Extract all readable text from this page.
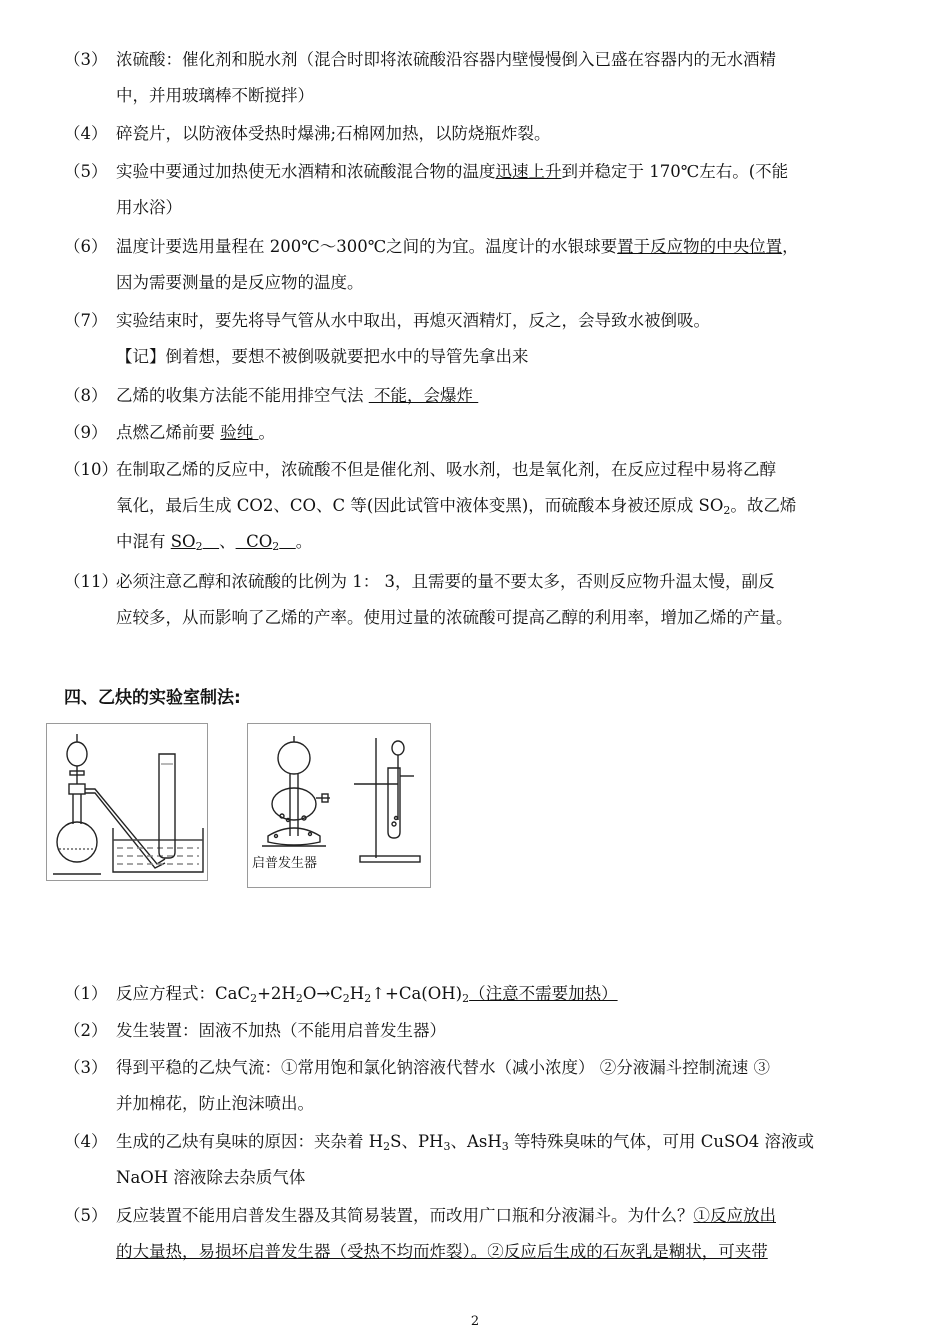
（3） 浓硫酸：催化剂和脱水剂（混合时即将浓硫酸沿容器内壁慢慢倒入已盛在容器内的无水酒精
中，并用玻璃棒不断搅拌）
（4） 碎瓷片，以防液体受热时爆沸;石棉网加热，以防烧瓶炸裂。
（5） 实验中要通过加热使无水酒精和浓硫酸混合物的温度迅速上升到并稳定于 170℃左右。(不能
用水浴）
（6） 温度计要选用量程在 200℃～300℃之间的为宜。温度计的水银球要置于反应物的中央位置，
因为需要测量的是反应物的温度。
（7） 实验结束时，要先将导气管从水中取出，再熄灭酒精灯，反之，会导致水被倒吸。
【记】倒着想，要想不被倒吸就要把水中的导管先拿出来
（8） 乙烯的收集方法能不能用排空气法  不能，会爆炸
（9） 点燃乙烯前要 验纯 。
（10）
在制取乙烯的反应中，浓硫酸不但是催化剂、吸水剂，也是氧化剂，在反应过程中易将乙醇
氧化，最后生成 CO2、CO、C 等(因此试管中液体变黑)，而硫酸本身被还原成 $SO_2$。故乙烯
中混有 $SO_2$  、  $CO_2$  。
（11）
必须注意乙醇和浓硫酸的比例为 1： 3，且需要的量不要太多，否则反应物升温太慢，副反
应较多，从而影响了乙烯的产率。使用过量的浓硫酸可提高乙醇的利用率，增加乙烯的产量。
四、乙炔的实验室制法:
启普发生器
（1） 反应方程式：$CaC_2+2H_2O\to C_2H_2↑+Ca(OH)_2$（注意不需要加热）
（2） 发生装置：固液不加热（不能用启普发生器）
（3） 得到平稳的乙炔气流：①常用饱和氯化钠溶液代替水（减小浓度） ②分液漏斗控制流速 ③
并加棉花，防止泡沫喷出。
（4） 生成的乙炔有臭味的原因：夹杂着 $H_2S$、$PH_3$、AsH$_3$ 等特殊臭味的气体，可用 CuSO4 溶液或
NaOH 溶液除去杂质气体
（5） 反应装置不能用启普发生器及其简易装置，而改用广口瓶和分液漏斗。为什么？①反应放出
的大量热，易损坏启普发生器（受热不均而炸裂）。②反应后生成的石灰乳是糊状，可夹带
2
